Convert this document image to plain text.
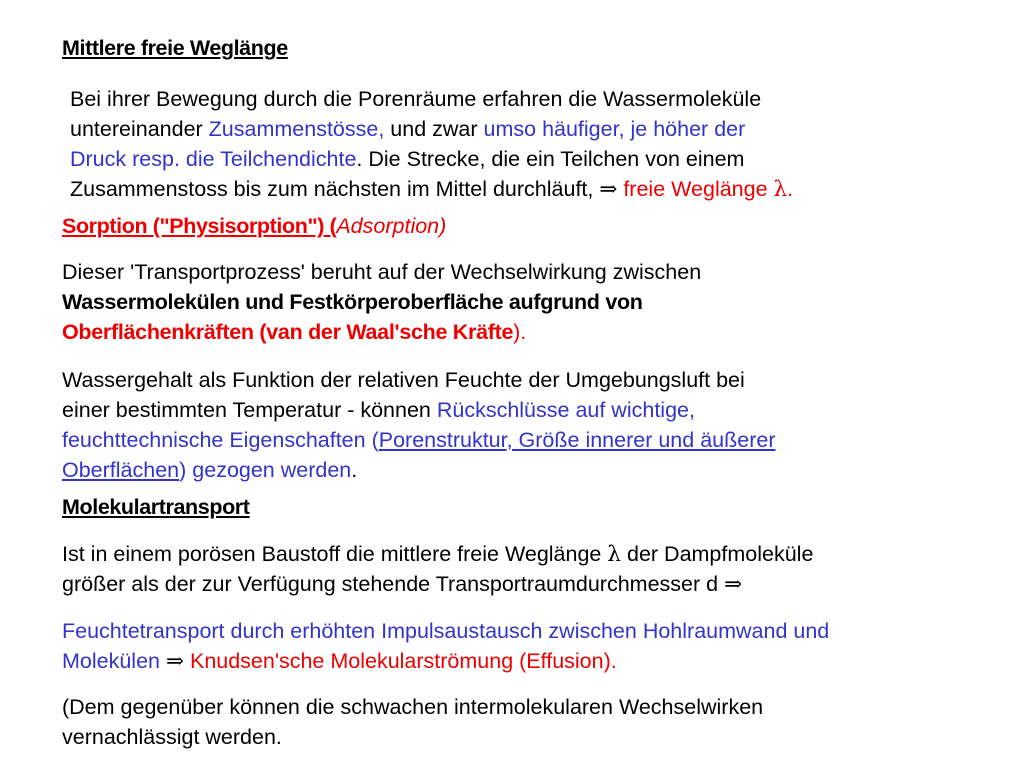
Mittlere freie Weglänge
Bei ihrer Bewegung durch die Porenräume erfahren die Wassermoleküle
untereinander Zusammenstösse, und zwar umso häufiger, je höher der
Druck resp. die Teilchendichte. Die Strecke, die ein Teilchen von einem
Zusammenstoss bis zum nächsten im Mittel durchläuft, ⇒ freie Weglänge λ.
Sorption ("Physisorption") (Adsorption)
Dieser 'Transportprozess' beruht auf der Wechselwirkung zwischen
Wassermolekülen und Festkörperoberfläche aufgrund von
Oberflächenkräften (van der Waal'sche Kräfte).
Wassergehalt als Funktion der relativen Feuchte der Umgebungsluft bei
einer bestimmten Temperatur - können Rückschlüsse auf wichtige,
feuchttechnische Eigenschaften (Porenstruktur, Größe innerer und äußerer
Oberflächen) gezogen werden.
Molekulartransport
Ist in einem porösen Baustoff die mittlere freie Weglänge λ der Dampfmoleküle
größer als der zur Verfügung stehende Transportraumdurchmesser d ⇒
Feuchtetransport durch erhöhten Impulsaustausch zwischen Hohlraumwand und
Molekülen ⇒ Knudsen'sche Molekularströmung (Effusion).
(Dem gegenüber können die schwachen intermolekularen Wechselwirken
vernachlässigt werden.
